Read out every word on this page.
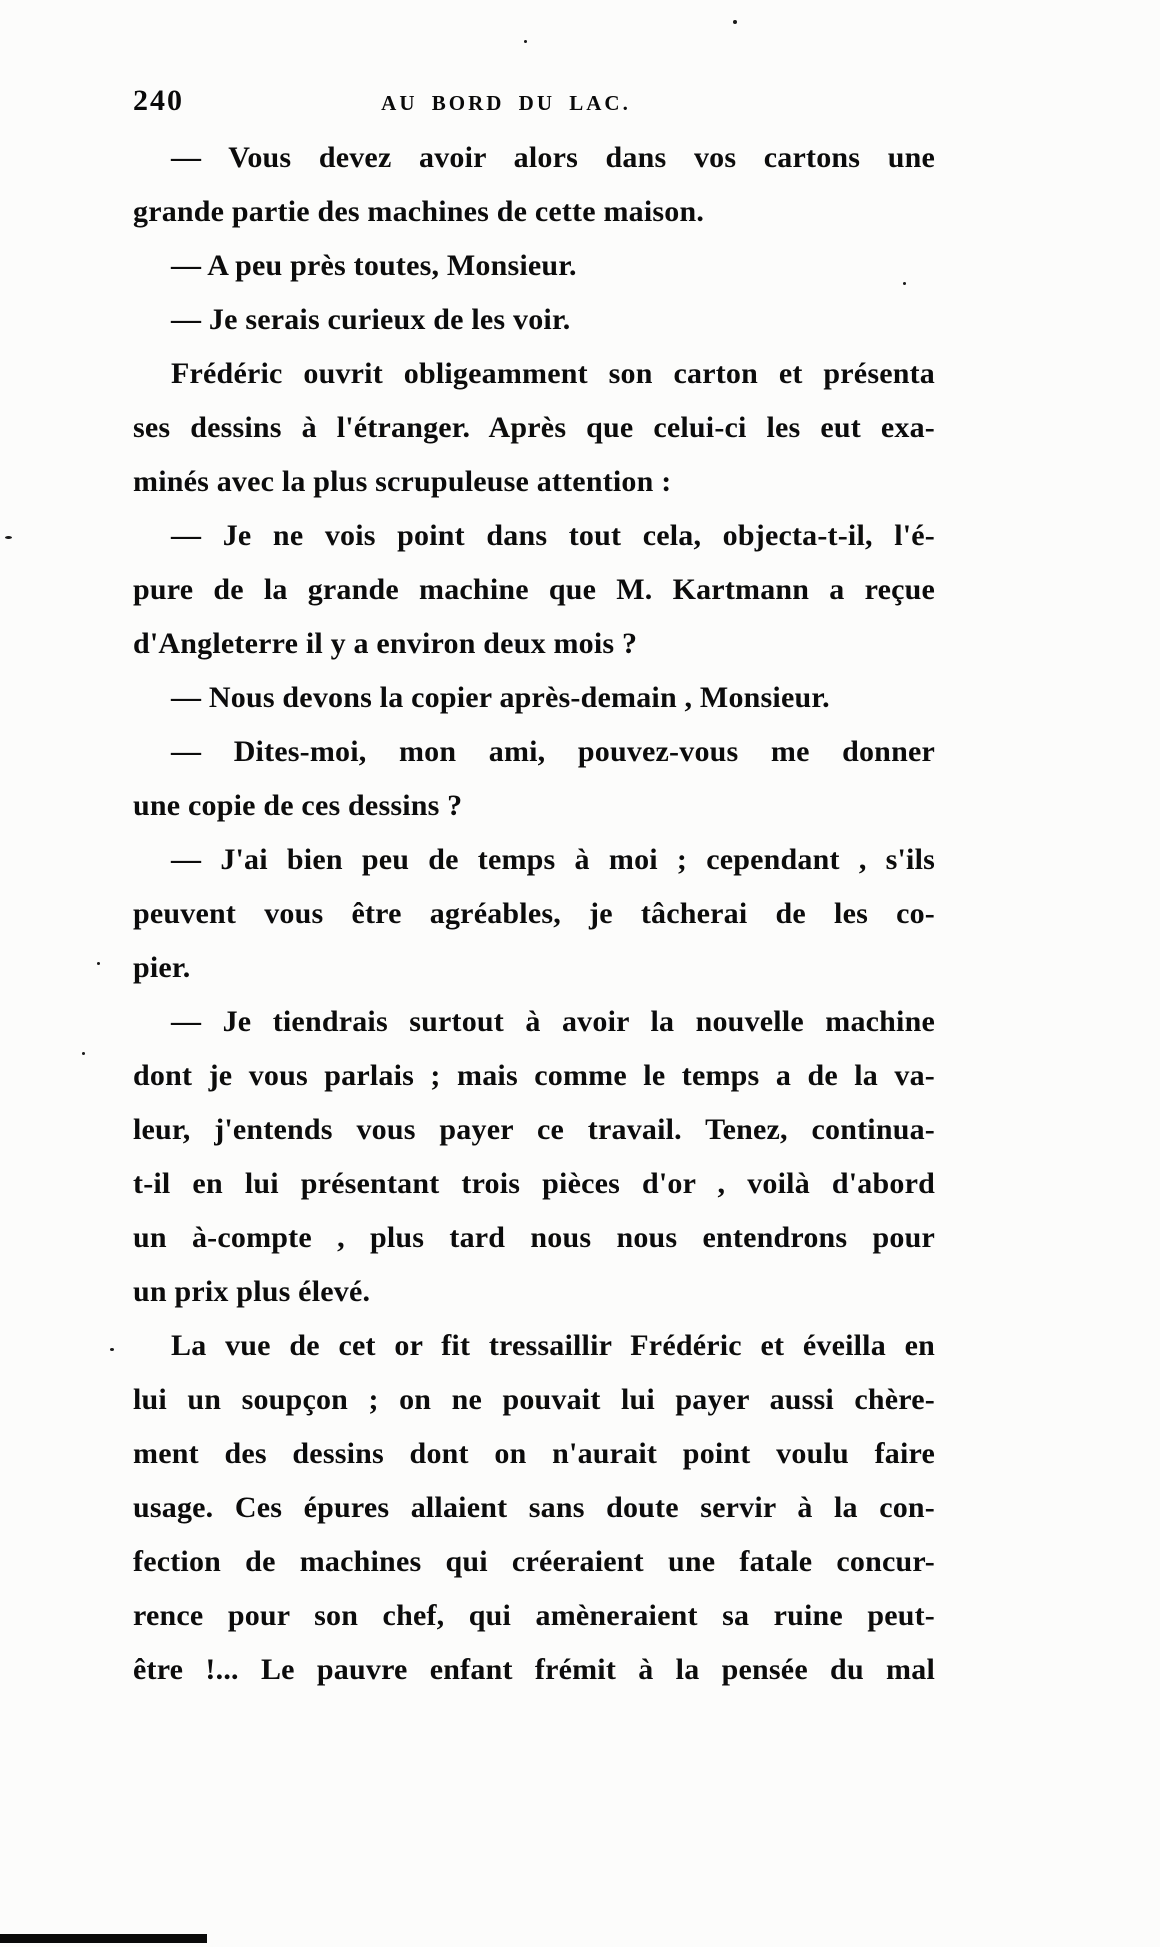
240	AU BORD DU LAC.
— Vous devez avoir alors dans vos cartons une
grande partie des machines de cette maison.
— A peu près toutes, Monsieur.
— Je serais curieux de les voir.
Frédéric ouvrit obligeamment son carton et présenta
ses dessins à l'étranger. Après que celui-ci les eut exa-
minés avec la plus scrupuleuse attention :
— Je ne vois point dans tout cela, objecta-t-il, l'é-
pure de la grande machine que M. Kartmann a reçue
d'Angleterre il y a environ deux mois ?
— Nous devons la copier après-demain , Monsieur.
— Dites-moi, mon ami, pouvez-vous me donner
une copie de ces dessins ?
— J'ai bien peu de temps à moi ; cependant , s'ils
peuvent vous être agréables, je tâcherai de les co-
pier.
— Je tiendrais surtout à avoir la nouvelle machine
dont je vous parlais ; mais comme le temps a de la va-
leur, j'entends vous payer ce travail. Tenez, continua-
t-il en lui présentant trois pièces d'or , voilà d'abord
un à-compte , plus tard nous nous entendrons pour
un prix plus élevé.
La vue de cet or fit tressaillir Frédéric et éveilla en
lui un soupçon ; on ne pouvait lui payer aussi chère-
ment des dessins dont on n'aurait point voulu faire
usage. Ces épures allaient sans doute servir à la con-
fection de machines qui créeraient une fatale concur-
rence pour son chef, qui amèneraient sa ruine peut-
être !... Le pauvre enfant frémit à la pensée du mal
